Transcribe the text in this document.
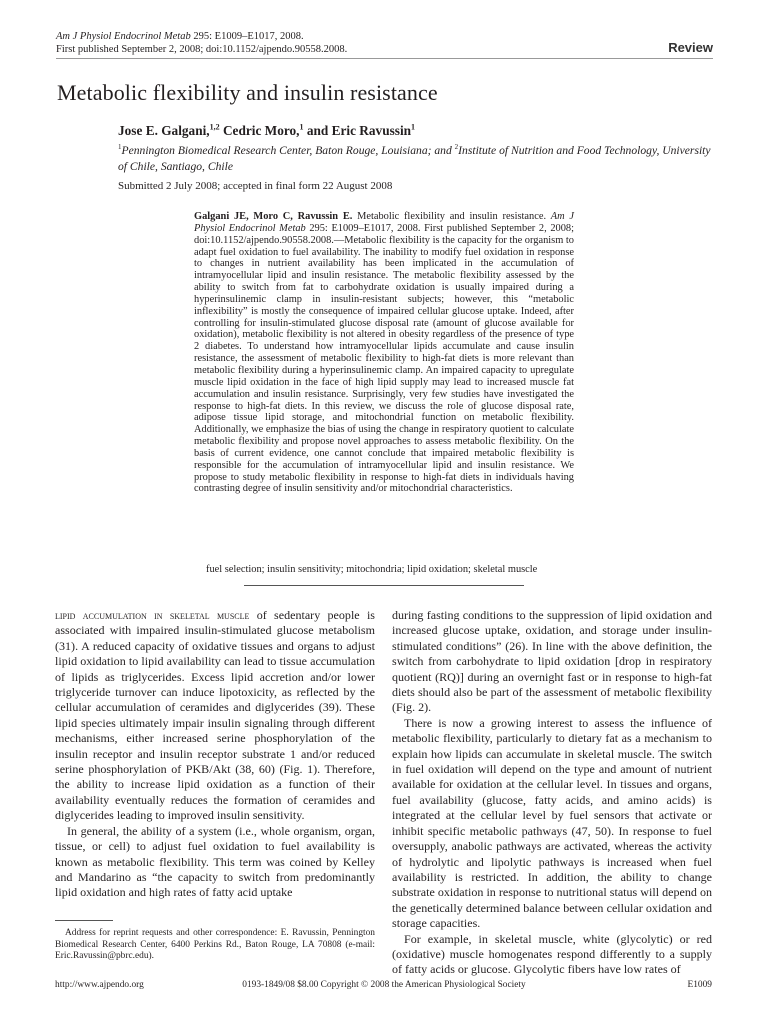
Am J Physiol Endocrinol Metab 295: E1009–E1017, 2008.
First published September 2, 2008; doi:10.1152/ajpendo.90558.2008.	Review
Metabolic flexibility and insulin resistance
Jose E. Galgani,$^{1,2}$ Cedric Moro,$^1$ and Eric Ravussin$^1$
$^1$Pennington Biomedical Research Center, Baton Rouge, Louisiana; and $^2$Institute of Nutrition and Food Technology, University of Chile, Santiago, Chile
Submitted 2 July 2008; accepted in final form 22 August 2008
Galgani JE, Moro C, Ravussin E. Metabolic flexibility and insulin resistance. Am J Physiol Endocrinol Metab 295: E1009–E1017, 2008. First published September 2, 2008; doi:10.1152/ajpendo.90558.2008.—Metabolic flexibility is the capacity for the organism to adapt fuel oxidation to fuel availability. The inability to modify fuel oxidation in response to changes in nutrient availability has been implicated in the accumulation of intramyocellular lipid and insulin resistance. The metabolic flexibility assessed by the ability to switch from fat to carbohydrate oxidation is usually impaired during a hyperinsulinemic clamp in insulin-resistant subjects; however, this “metabolic inflexibility” is mostly the consequence of impaired cellular glucose uptake. Indeed, after controlling for insulin-stimulated glucose disposal rate (amount of glucose available for oxidation), metabolic flexibility is not altered in obesity regardless of the presence of type 2 diabetes. To understand how intramyocellular lipids accumulate and cause insulin resistance, the assessment of metabolic flexibility to high-fat diets is more relevant than metabolic flexibility during a hyperinsulinemic clamp. An impaired capacity to upregulate muscle lipid oxidation in the face of high lipid supply may lead to increased muscle fat accumulation and insulin resistance. Surprisingly, very few studies have investigated the response to high-fat diets. In this review, we discuss the role of glucose disposal rate, adipose tissue lipid storage, and mitochondrial function on metabolic flexibility. Additionally, we emphasize the bias of using the change in respiratory quotient to calculate metabolic flexibility and propose novel approaches to assess metabolic flexibility. On the basis of current evidence, one cannot conclude that impaired metabolic flexibility is responsible for the accumulation of intramyocellular lipid and insulin resistance. We propose to study metabolic flexibility in response to high-fat diets in individuals having contrasting degree of insulin sensitivity and/or mitochondrial characteristics.
fuel selection; insulin sensitivity; mitochondria; lipid oxidation; skeletal muscle

lipid accumulation in skeletal muscle of sedentary people is associated with impaired insulin-stimulated glucose metabolism (31). A reduced capacity of oxidative tissues and organs to adjust lipid oxidation to lipid availability can lead to tissue accumulation of lipids as triglycerides. Excess lipid accretion and/or lower triglyceride turnover can induce lipotoxicity, as reflected by the cellular accumulation of ceramides and diglycerides (39). These lipid species ultimately impair insulin signaling through different mechanisms, either increased serine phosphorylation of the insulin receptor and insulin receptor substrate 1 and/or reduced serine phosphorylation of PKB/Akt (38, 60) (Fig. 1). Therefore, the ability to increase lipid oxidation as a function of their availability eventually reduces the formation of ceramides and diglycerides leading to improved insulin sensitivity.

In general, the ability of a system (i.e., whole organism, organ, tissue, or cell) to adjust fuel oxidation to fuel availability is known as metabolic flexibility. This term was coined by Kelley and Mandarino as “the capacity to switch from predominantly lipid oxidation and high rates of fatty acid uptake

during fasting conditions to the suppression of lipid oxidation and increased glucose uptake, oxidation, and storage under insulin-stimulated conditions” (26). In line with the above definition, the switch from carbohydrate to lipid oxidation [drop in respiratory quotient (RQ)] during an overnight fast or in response to high-fat diets should also be part of the assessment of metabolic flexibility (Fig. 2).

There is now a growing interest to assess the influence of metabolic flexibility, particularly to dietary fat as a mechanism to explain how lipids can accumulate in skeletal muscle. The switch in fuel oxidation will depend on the type and amount of nutrient available for oxidation at the cellular level. In tissues and organs, fuel availability (glucose, fatty acids, and amino acids) is integrated at the cellular level by fuel sensors that activate or inhibit specific metabolic pathways (47, 50). In response to fuel oversupply, anabolic pathways are activated, whereas the activity of hydrolytic and lipolytic pathways is increased when fuel availability is restricted. In addition, the ability to change substrate oxidation in response to nutritional status will depend on the genetically determined balance between cellular oxidation and storage capacities.

For example, in skeletal muscle, white (glycolytic) or red (oxidative) muscle homogenates respond differently to a supply of fatty acids or glucose. Glycolytic fibers have low rates of

Address for reprint requests and other correspondence: E. Ravussin, Pennington Biomedical Research Center, 6400 Perkins Rd., Baton Rouge, LA 70808 (e-mail: Eric.Ravussin@pbrc.edu).
http://www.ajpendo.org	0193-1849/08 $8.00 Copyright © 2008 the American Physiological Society	E1009
